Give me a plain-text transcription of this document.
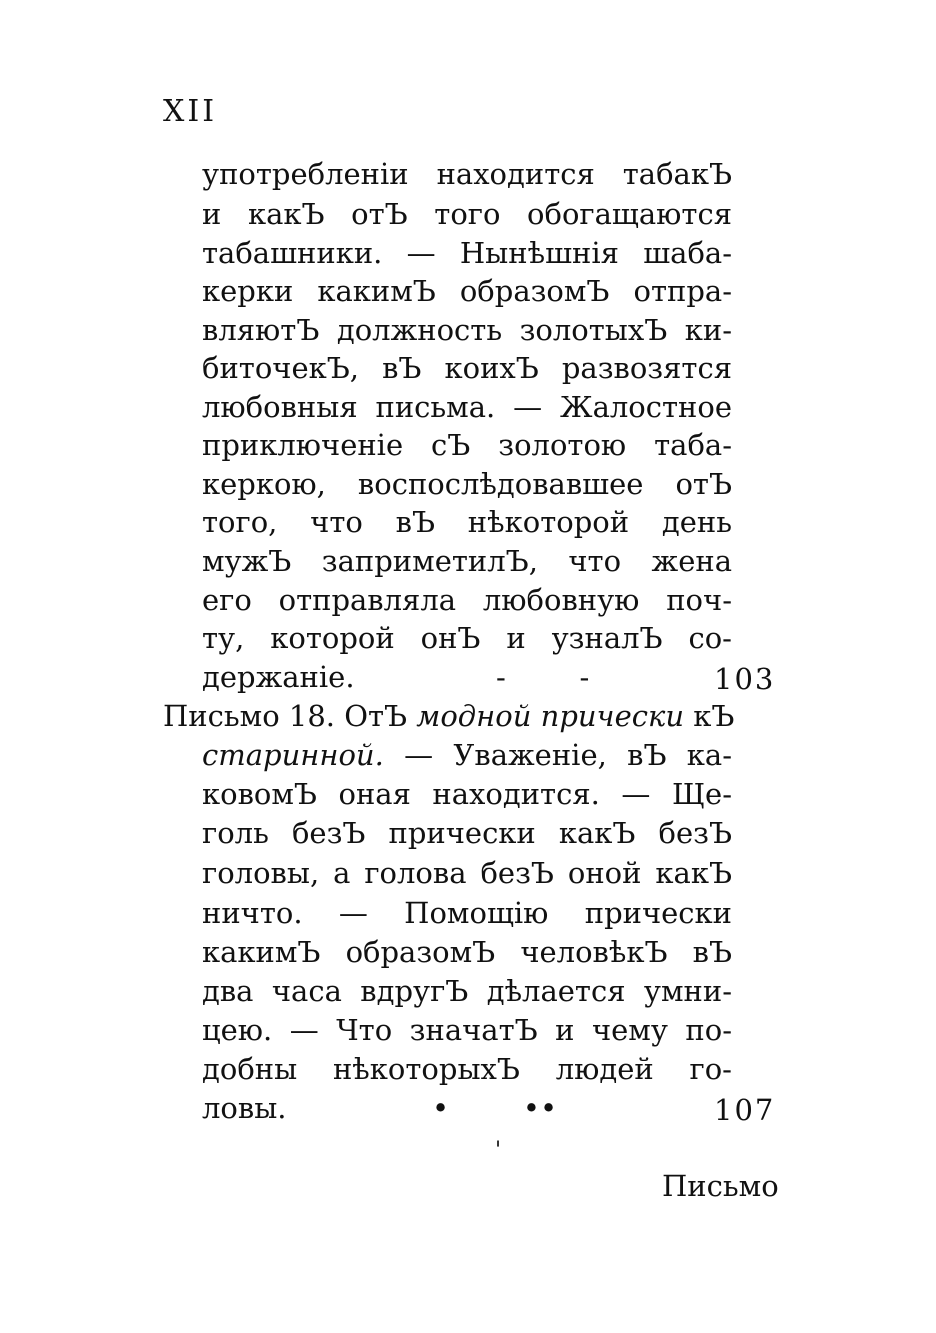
XII
употребленіи находится табакЪ
и какЪ отЪ того обогащаются
табашники. — Нынѣшнія шаба-
керки какимЪ образомЪ отпра-
вляютЪ должность золотыхЪ ки-
биточекЪ, вЪ коихЪ развозятся
любовныя письма. — Жалостное
приключеніе сЪ золотою таба-
керкою, воспослѣдовавшее отЪ
того, что вЪ нѣкоторой день
мужЪ заприметилЪ, что жена
его отправляла любовную поч-
ту, которой онЪ и узналЪ со-
держаніе.	-        -	103
Письмо 18. ОтЪ модной прически кЪ
старинной. — Уваженіе, вЪ ка-
ковомЪ оная находится. — Ще-
голь безЪ прически какЪ безЪ
головы, а голова безЪ оной какЪ
ничто. — Помощію прически
какимЪ образомЪ человѣкЪ вЪ
два часа вдругЪ дѣлается умни-
цею. — Что значатЪ и чему по-
добны нѣкоторыхЪ людей го-
ловы.	•        ••	107
'
Письмо
